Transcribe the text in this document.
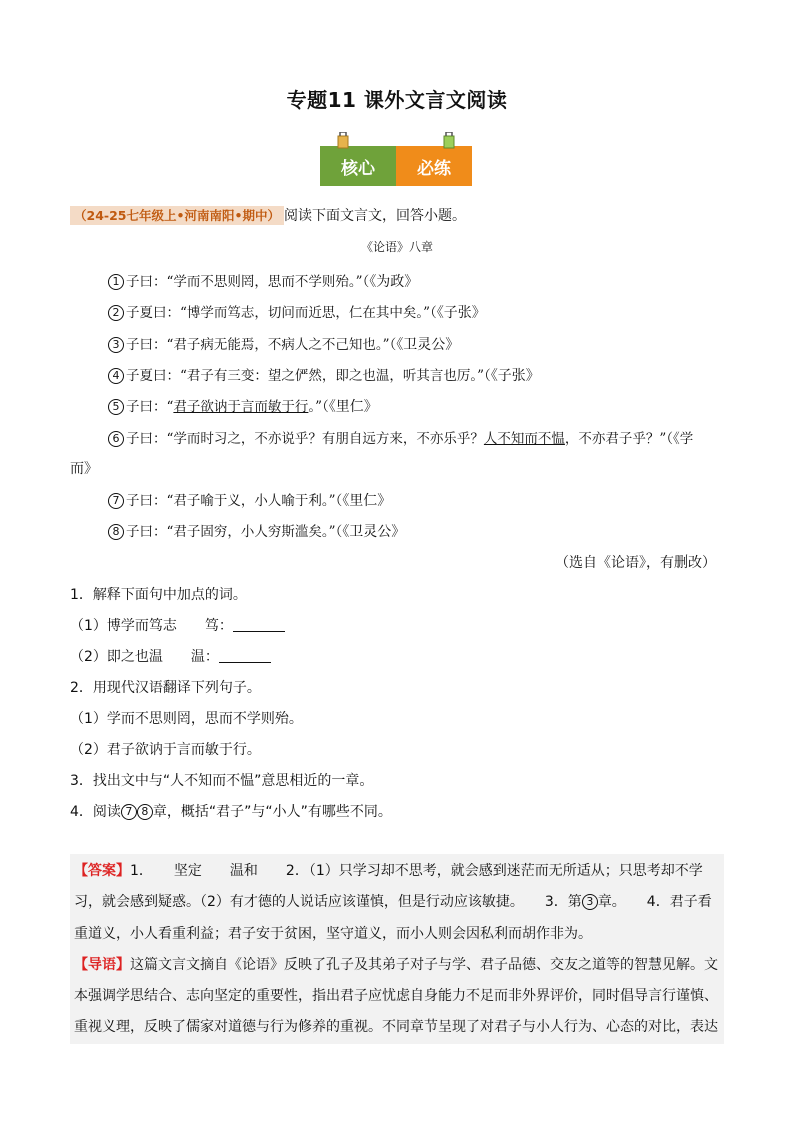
专题11 课外文言文阅读
核心	必练
（24-25七年级上•河南南阳•期中） 阅读下面文言文，回答小题。
《论语》八章
1 子曰：“学而不思则罔，思而不学则殆。”（《为政》
2 子夏曰：“博学而笃志，切问而近思，仁在其中矣。”（《子张》
3 子曰：“君子病无能焉，不病人之不己知也。”（《卫灵公》
4 子夏曰：“君子有三变：望之俨然，即之也温，听其言也厉。”（《子张》
5 子曰：“君子欲讷于言而敏于行。”（《里仁》
6 子曰：“学而时习之，不亦说乎？有朋自远方来，不亦乐乎？人不知而不愠，不亦君子乎？”（《学
而》
7 子曰：“君子喻于义，小人喻于利。”（《里仁》
8 子曰：“君子固穷，小人穷斯滥矣。”（《卫灵公》
（选自《论语》，有删改）
1．解释下面句中加点的词。
（1）博学而笃志　　笃：
（2）即之也温　　温：
2．用现代汉语翻译下列句子。
（1）学而不思则罔，思而不学则殆。
（2）君子欲讷于言而敏于行。
3．找出文中与“人不知而不愠”意思相近的一章。
4．阅读 7 8 章，概括“君子”与“小人”有哪些不同。
【答案】1．　　坚定　　温和　　2．（1）只学习却不思考，就会感到迷茫而无所适从；只思考却不学
习，就会感到疑惑。（2）有才德的人说话应该谨慎，但是行动应该敏捷。　　3．第 3 章。　　4．君子看
重道义，小人看重利益；君子安于贫困，坚守道义，而小人则会因私利而胡作非为。
【导语】这篇文言文摘自《论语》反映了孔子及其弟子对子与学、君子品德、交友之道等的智慧见解。文
本强调学思结合、志向坚定的重要性，指出君子应忧虑自身能力不足而非外界评价，同时倡导言行谨慎、
重视义理，反映了儒家对道德与行为修养的重视。不同章节呈现了对君子与小人行为、心态的对比，表达
